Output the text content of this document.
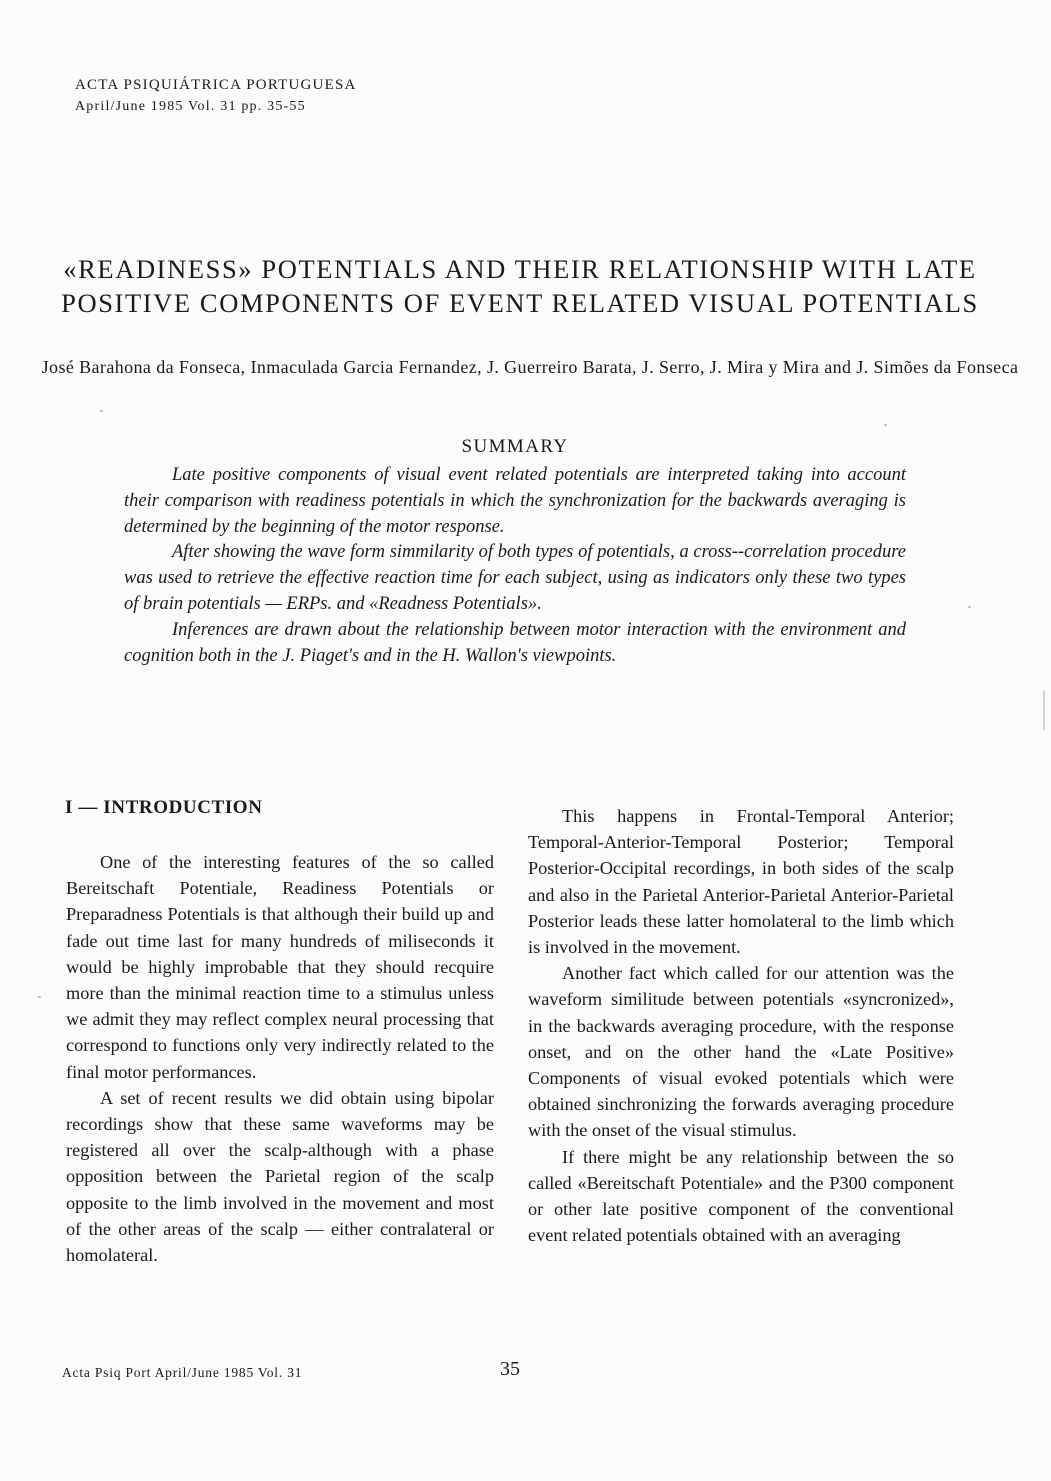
ACTA PSIQUIÁTRICA PORTUGUESA
April/June 1985 Vol. 31 pp. 35-55
«READINESS» POTENTIALS AND THEIR RELATIONSHIP WITH LATE POSITIVE COMPONENTS OF EVENT RELATED VISUAL POTENTIALS
José Barahona da Fonseca, Inmaculada Garcia Fernandez, J. Guerreiro Barata, J. Serro, J. Mira y Mira and J. Simões da Fonseca
SUMMARY

Late positive components of visual event related potentials are interpreted taking into account their comparison with readiness potentials in which the synchronization for the backwards averaging is determined by the beginning of the motor response.

After showing the wave form simmilarity of both types of potentials, a cross--correlation procedure was used to retrieve the effective reaction time for each subject, using as indicators only these two types of brain potentials — ERPs. and «Readness Potentials».

Inferences are drawn about the relationship between motor interaction with the environment and cognition both in the J. Piaget's and in the H. Wallon's viewpoints.

I — INTRODUCTION

One of the interesting features of the so called Bereitschaft Potentiale, Readiness Potentials or Preparadness Potentials is that although their build up and fade out time last for many hundreds of miliseconds it would be highly improbable that they should recquire more than the minimal reaction time to a stimulus unless we admit they may reflect complex neural processing that correspond to functions only very indirectly related to the final motor performances.

A set of recent results we did obtain using bipolar recordings show that these same waveforms may be registered all over the scalp-although with a phase opposition between the Parietal region of the scalp opposite to the limb involved in the movement and most of the other areas of the scalp — either contralateral or homolateral.

This happens in Frontal-Temporal Anterior; Temporal-Anterior-Temporal Posterior; Temporal Posterior-Occipital recordings, in both sides of the scalp and also in the Parietal Anterior-Parietal Anterior-Parietal Posterior leads these latter homolateral to the limb which is involved in the movement.

Another fact which called for our attention was the waveform similitude between potentials «syncronized», in the backwards averaging procedure, with the response onset, and on the other hand the «Late Positive» Components of visual evoked potentials which were obtained sinchronizing the forwards averaging procedure with the onset of the visual stimulus.

If there might be any relationship between the so called «Bereitschaft Potentiale» and the P300 component or other late positive component of the conventional event related potentials obtained with an averaging

Acta Psiq Port April/June 1985 Vol. 31	35
